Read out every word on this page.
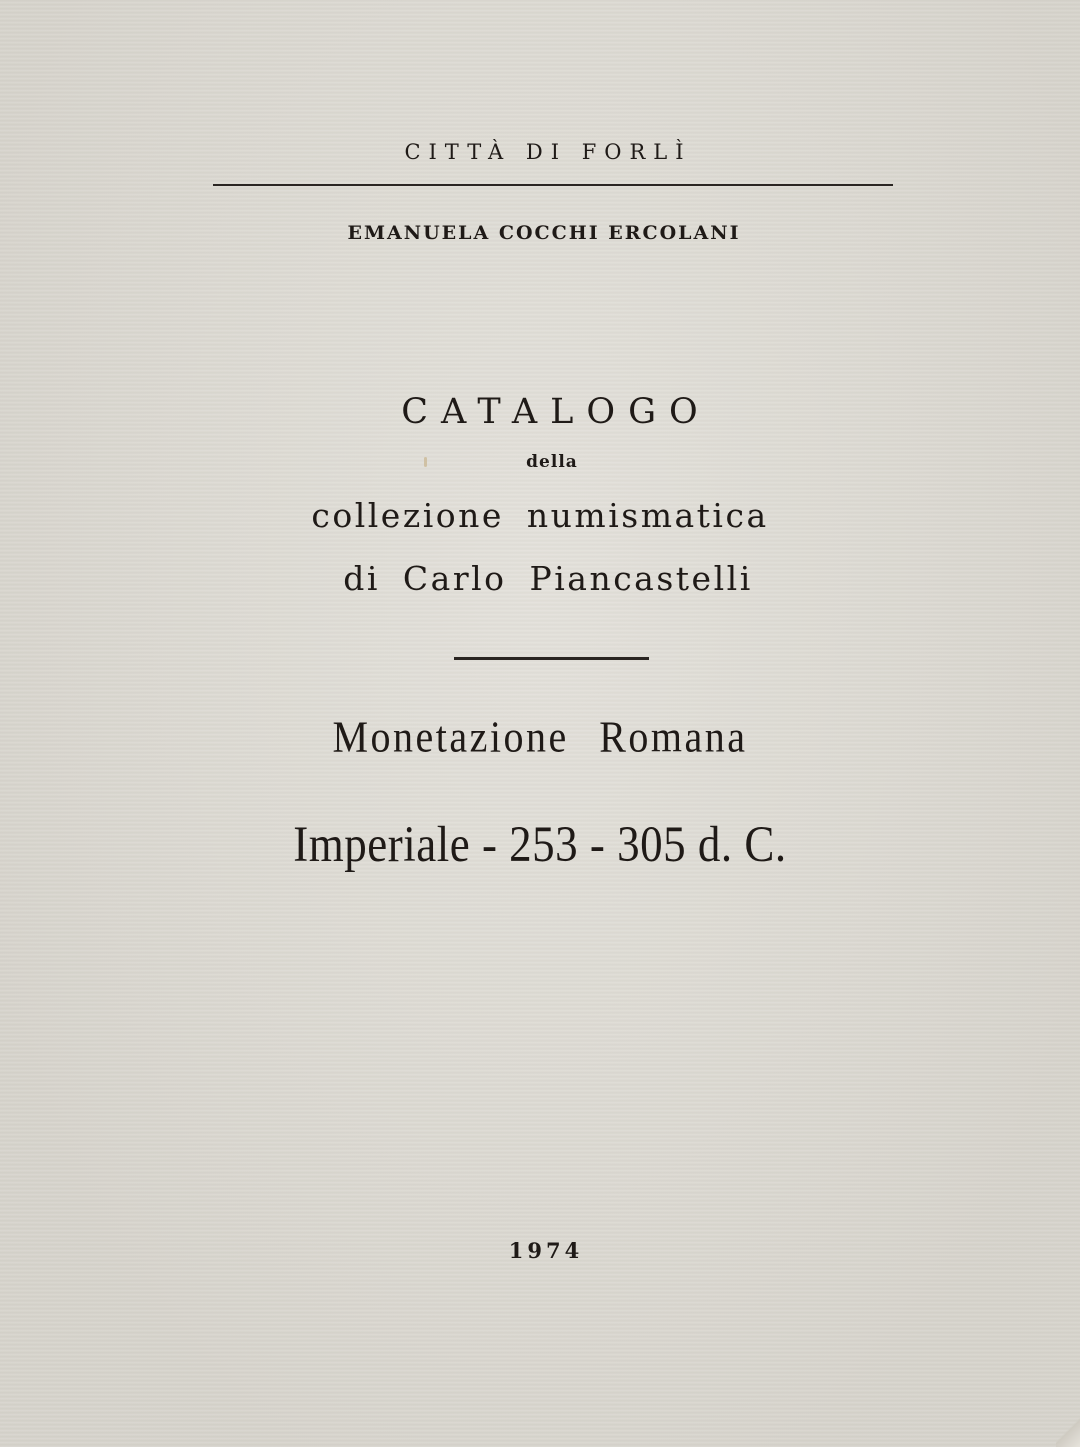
CITTÀ DI FORLÌ
EMANUELA COCCHI ERCOLANI
CATALOGO
della
collezione numismatica
di Carlo Piancastelli
Monetazione Romana
Imperiale - 253 - 305 d. C.
1974
